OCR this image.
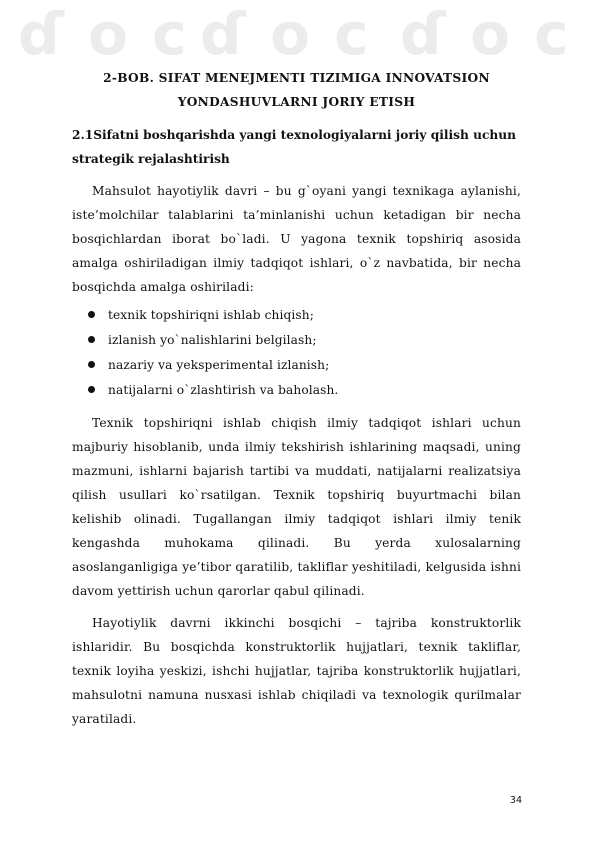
ɗ o c ɗ o c ɗ o c
2-BOB. SIFAT MENEJMENTI TIZIMIGA INNOVATSION YONDASHUVLARNI JORIY ETISH
2.1Sifatni boshqarishda yangi texnologiyalarni joriy qilish uchun strategik rejalashtirish

Mahsulot hayotiylik davri – bu g`oyani yangi texnikaga aylanishi, iste’molchilar talablarini ta’minlanishi uchun ketadigan bir necha bosqichlardan iborat bo`ladi. U yagona texnik topshiriq asosida amalga oshiriladigan ilmiy tadqiqot ishlari, o`z navbatida, bir necha bosqichda amalga oshiriladi:

texnik topshiriqni ishlab chiqish;
izlanish yo`nalishlarini belgilash;
nazariy va yeksperimental izlanish;
natijalarni o`zlashtirish va baholash.

Texnik topshiriqni ishlab chiqish ilmiy tadqiqot ishlari uchun majburiy hisoblanib, unda ilmiy tekshirish ishlarining maqsadi, uning mazmuni, ishlarni bajarish tartibi va muddati, natijalarni realizatsiya qilish usullari ko`rsatilgan. Texnik topshiriq buyurtmachi bilan kelishib olinadi. Tugallangan ilmiy tadqiqot ishlari ilmiy tenik kengashda muhokama qilinadi. Bu yerda xulosalarning asoslanganligiga ye’tibor qaratilib, takliflar yeshitiladi, kelgusida ishni davom yettirish uchun qarorlar qabul qilinadi.

Hayotiylik davrni ikkinchi bosqichi – tajriba konstruktorlik ishlaridir. Bu bosqichda konstruktorlik hujjatlari, texnik takliflar, texnik loyiha yeskizi, ishchi hujjatlar, tajriba konstruktorlik hujjatlari, mahsulotni namuna nusxasi ishlab chiqiladi va texnologik qurilmalar yaratiladi.

34
